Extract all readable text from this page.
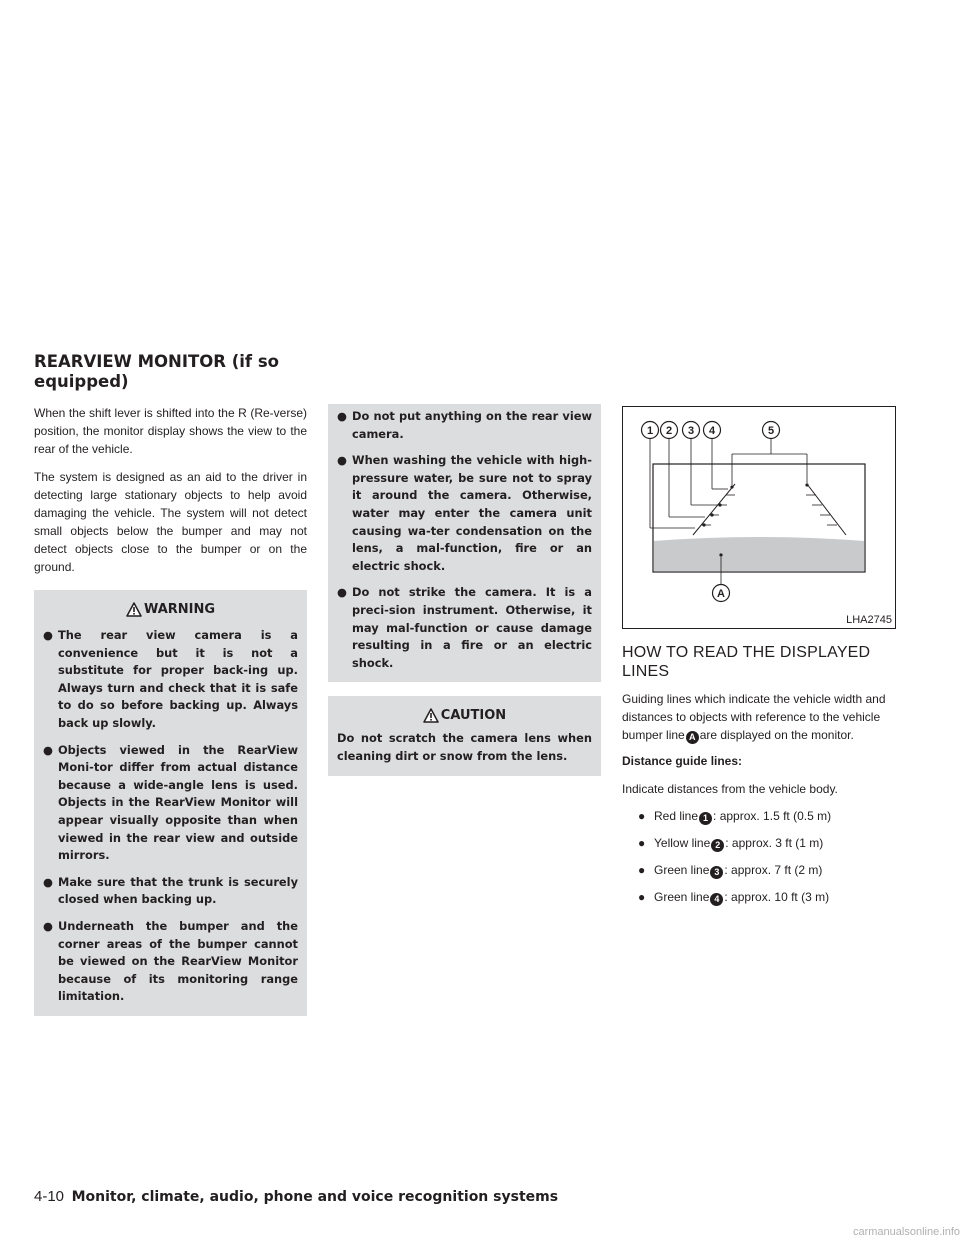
REARVIEW MONITOR (if so equipped)

When the shift lever is shifted into the R (Re-verse) position, the monitor display shows the view to the rear of the vehicle.

The system is designed as an aid to the driver in detecting large stationary objects to help avoid damaging the vehicle. The system will not detect small objects below the bumper and may not detect objects close to the bumper or on the ground.

WARNING
● The rear view camera is a convenience but it is not a substitute for proper back-ing up. Always turn and check that it is safe to do so before backing up. Always back up slowly.
● Objects viewed in the RearView Moni-tor differ from actual distance because a wide-angle lens is used. Objects in the RearView Monitor will appear visually opposite than when viewed in the rear view and outside mirrors.
● Make sure that the trunk is securely closed when backing up.
● Underneath the bumper and the corner areas of the bumper cannot be viewed on the RearView Monitor because of its monitoring range limitation.
● Do not put anything on the rear view camera.
● When washing the vehicle with high-pressure water, be sure not to spray it around the camera. Otherwise, water may enter the camera unit causing wa-ter condensation on the lens, a mal-function, fire or an electric shock.
● Do not strike the camera. It is a preci-sion instrument. Otherwise, it may mal-function or cause damage resulting in a fire or an electric shock.
CAUTION

Do not scratch the camera lens when cleaning dirt or snow from the lens.

1 2 3 4	5
A
LHA2745
HOW TO READ THE DISPLAYED LINES

Guiding lines which indicate the vehicle width and distances to objects with reference to the vehicle bumper line A are displayed on the monitor.

Distance guide lines:

Indicate distances from the vehicle body.

● Red line 1 : approx. 1.5 ft (0.5 m)
● Yellow line 2 : approx. 3 ft (1 m)
● Green line 3 : approx. 7 ft (2 m)
● Green line 4 : approx. 10 ft (3 m)
4-10 Monitor, climate, audio, phone and voice recognition systems
carmanualsonline.info
